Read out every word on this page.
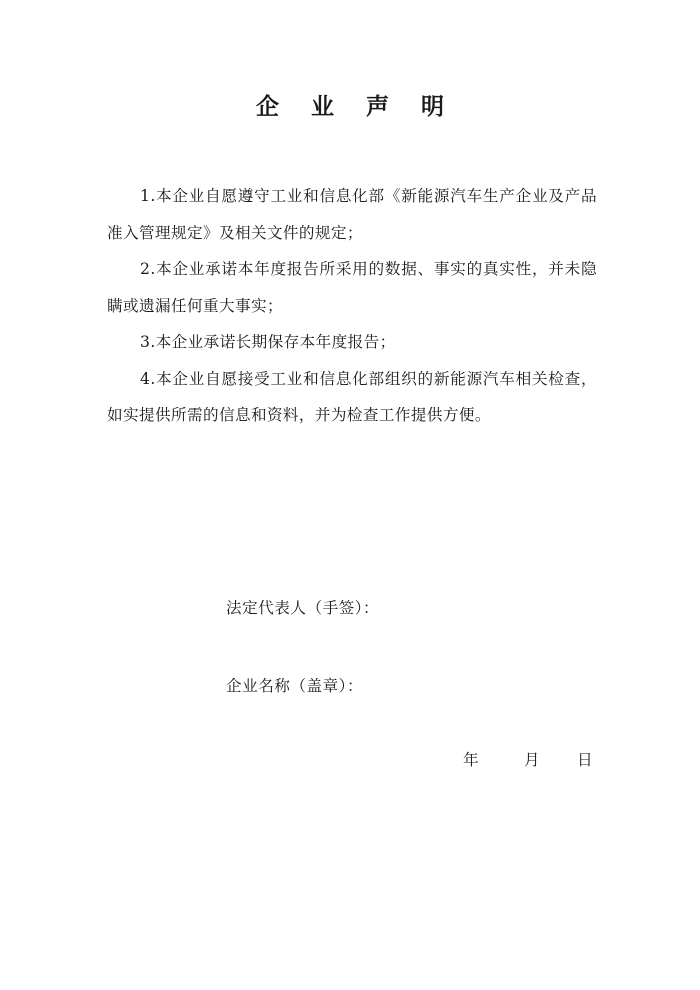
企 业 声 明

1.本企业自愿遵守工业和信息化部《新能源汽车生产企业及产品准入管理规定》及相关文件的规定；

2.本企业承诺本年度报告所采用的数据、事实的真实性，并未隐瞒或遗漏任何重大事实；

3.本企业承诺长期保存本年度报告；

4.本企业自愿接受工业和信息化部组织的新能源汽车相关检查，如实提供所需的信息和资料，并为检查工作提供方便。

法定代表人（手签）：
企业名称（盖章）：
年	月 日
